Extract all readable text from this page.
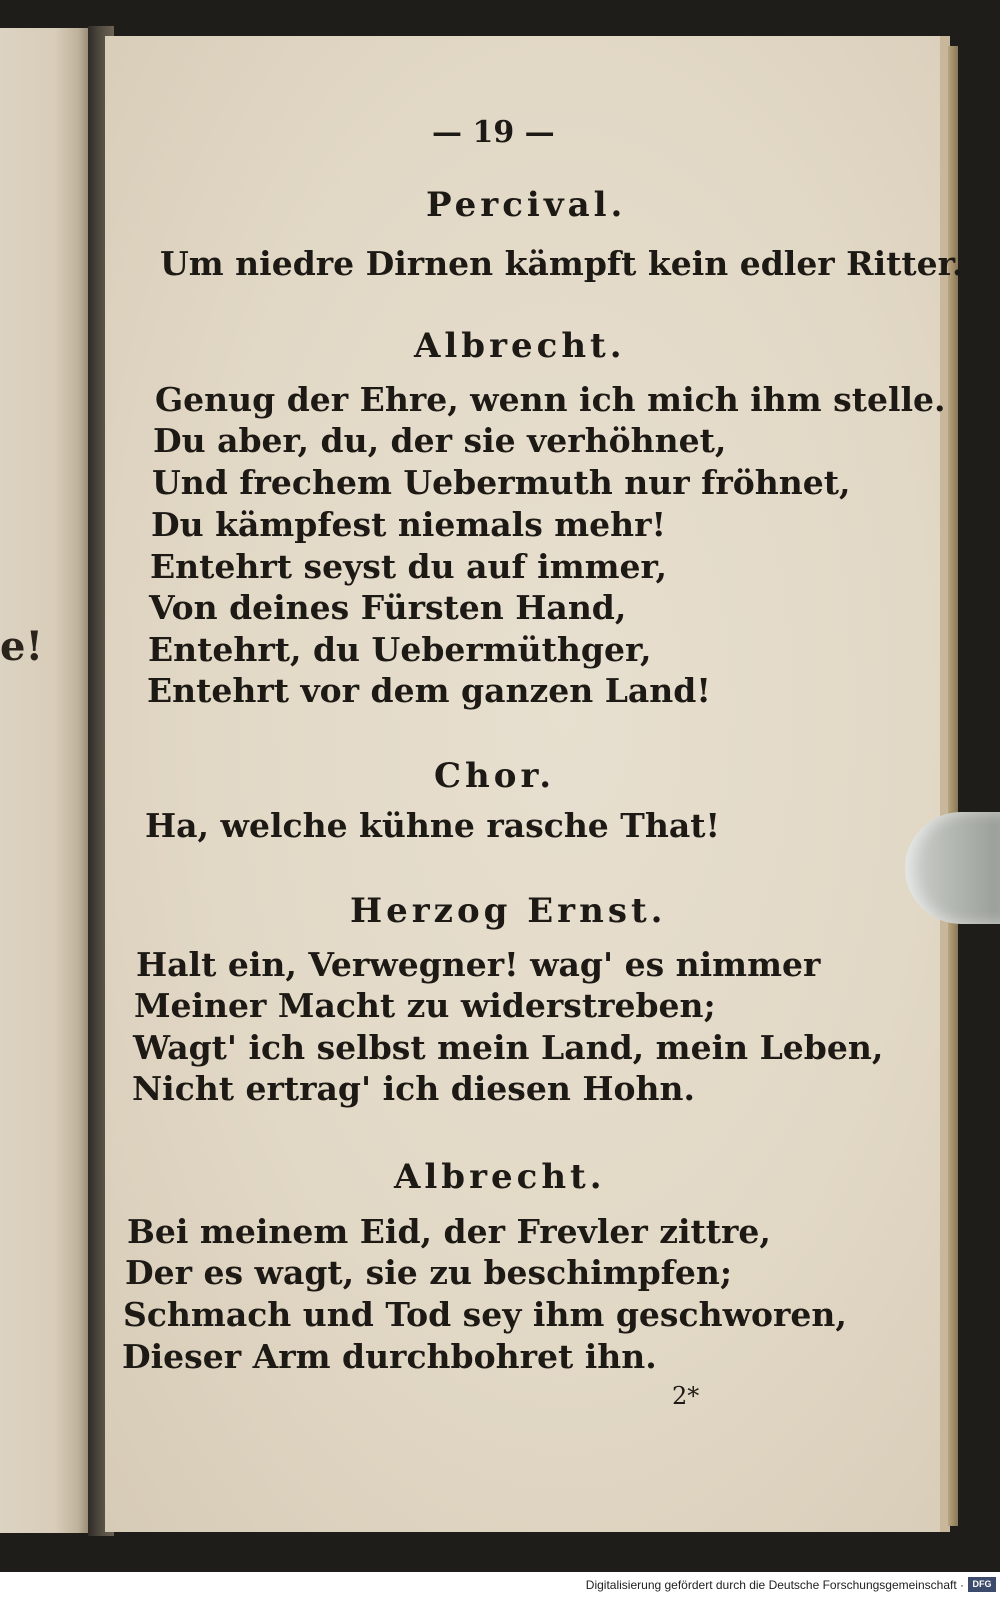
e!
— 19 —
Percival.
Um niedre Dirnen kämpft kein edler Ritter.
Albrecht.
Genug der Ehre, wenn ich mich ihm stelle.
Du aber, du, der sie verhöhnet,
Und frechem Uebermuth nur fröhnet,
Du kämpfest niemals mehr!
Entehrt seyst du auf immer,
Von deines Fürsten Hand,
Entehrt, du Uebermüthger,
Entehrt vor dem ganzen Land!
Chor.
Ha, welche kühne rasche That!
Herzog Ernst.
Halt ein, Verwegner! wag' es nimmer
Meiner Macht zu widerstreben;
Wagt' ich selbst mein Land, mein Leben,
Nicht ertrag' ich diesen Hohn.
Albrecht.
Bei meinem Eid, der Frevler zittre,
Der es wagt, sie zu beschimpfen;
Schmach und Tod sey ihm geschworen,
Dieser Arm durchbohret ihn.
2*
Digitalisierung gefördert durch die Deutsche Forschungsgemeinschaft · DFG
